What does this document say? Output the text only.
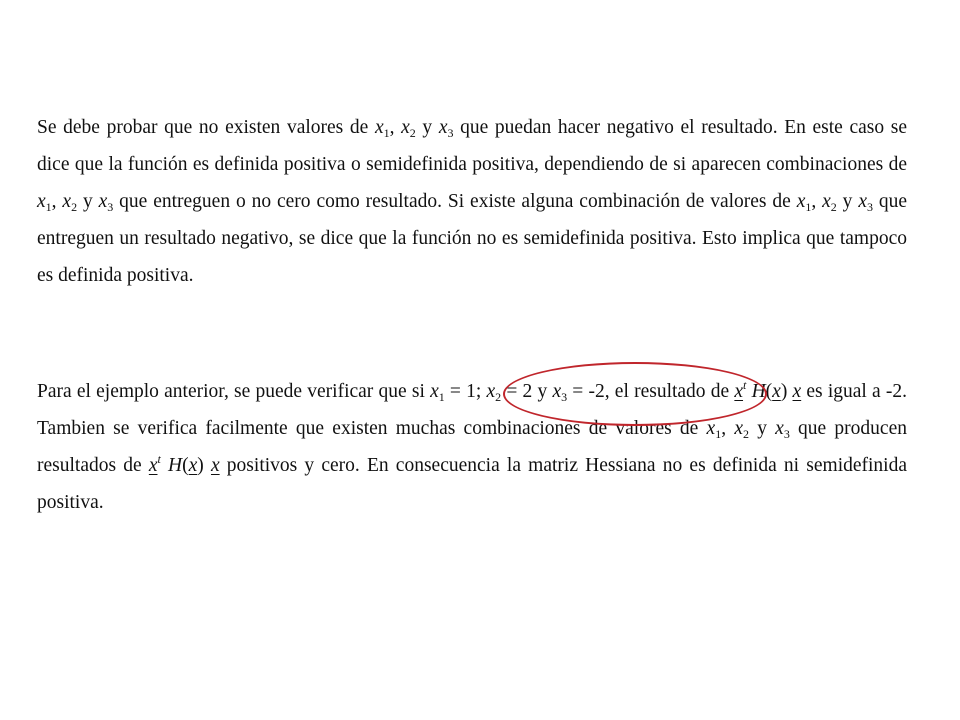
Se debe probar que no existen valores de $x_1$, $x_2$ y $x_3$ que puedan hacer negativo el resultado. En este caso se dice que la función es definida positiva o semidefinida positiva, dependiendo de si aparecen combinaciones de $x_1$, $x_2$ y $x_3$ que entreguen o no cero como resultado. Si existe alguna combinación de valores de $x_1$, $x_2$ y $x_3$ que entreguen un resultado negativo, se dice que la función no es semidefinida positiva. Esto implica que tampoco es definida positiva.
Para el ejemplo anterior, se puede verificar que si $x_1 = 1$; $x_2 = 2$ y $x_3 = -2$, el resultado de $x^t$ H(x) x es igual a -2. Tambien se verifica facilmente que existen muchas combinaciones de valores de $x_1$, $x_2$ y $x_3$ que producen resultados de $x^t$ H(x) x positivos y cero. En consecuencia la matriz Hessiana no es definida ni semidefinida positiva.
